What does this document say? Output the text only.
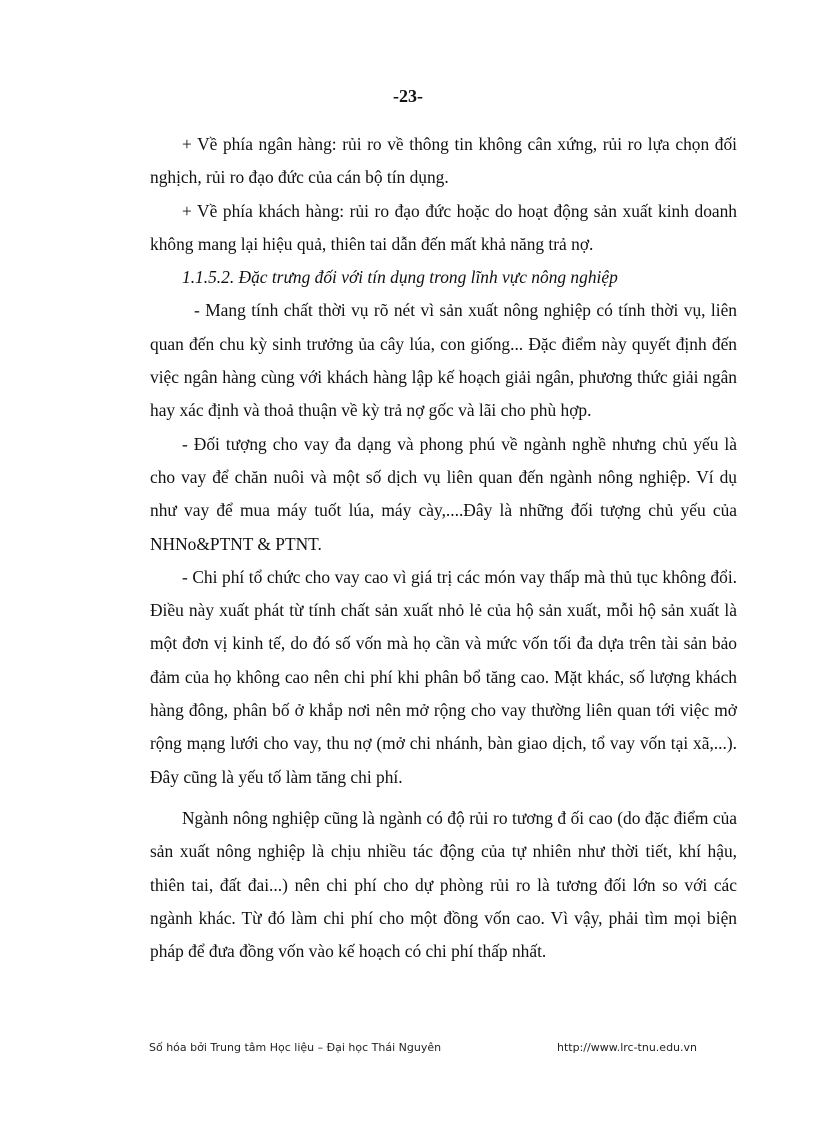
-23-

+ Về phía ngân hàng: rủi ro về thông tin không cân xứng, rủi ro lựa chọn đối nghịch, rủi ro đạo đức của cán bộ tín dụng.

+ Về phía khách hàng: rủi ro đạo đức hoặc do hoạt động sản xuất kinh doanh không mang lại hiệu quả, thiên tai dẫn đến mất khả năng trả nợ.

1.1.5.2. Đặc trưng đối với tín dụng trong lĩnh vực nông nghiệp

- Mang tính chất thời vụ rõ nét vì sản xuất nông nghiệp có tính thời vụ, liên quan đến chu kỳ sinh trưởng ủa cây lúa, con giống... Đặc điểm này quyết định đến việc ngân hàng cùng với khách hàng lập kế hoạch giải ngân, phương thức giải ngân hay xác định và thoả thuận về kỳ trả nợ gốc và lãi cho phù hợp.

- Đối tượng cho vay đa dạng và phong phú về ngành nghề nhưng chủ yếu là cho vay để chăn nuôi và một số dịch vụ liên quan đến ngành nông nghiệp. Ví dụ như vay để mua máy tuốt lúa, máy cày,....Đây là những đối tượng chủ yếu của NHNo&PTNT & PTNT.

- Chi phí tổ chức cho vay cao vì giá trị các món vay thấp mà thủ tục không đổi. Điều này xuất phát từ tính chất sản xuất nhỏ lẻ của hộ sản xuất, mỗi hộ sản xuất là một đơn vị kinh tế, do đó số vốn mà họ cần và mức vốn tối đa dựa trên tài sản bảo đảm của họ không cao nên chi phí khi phân bổ tăng cao. Mặt khác, số lượng khách hàng đông, phân bố ở khắp nơi nên mở rộng cho vay thường liên quan tới việc mở rộng mạng lưới cho vay, thu nợ (mở chi nhánh, bàn giao dịch, tổ vay vốn tại xã,...). Đây cũng là yếu tố làm tăng chi phí.

Ngành nông nghiệp cũng là ngành có độ rủi ro tương đ ối cao (do đặc điểm của sản xuất nông nghiệp là chịu nhiều tác động của tự nhiên như thời tiết, khí hậu, thiên tai, đất đai...) nên chi phí cho dự phòng rủi ro là tương đối lớn so với các ngành khác. Từ đó làm chi phí cho một đồng vốn cao. Vì vậy, phải tìm mọi biện pháp để đưa đồng vốn vào kế hoạch có chi phí thấp nhất.

Số hóa bởi Trung tâm Học liệu – Đại học Thái Nguyên	http://www.lrc-tnu.edu.vn
